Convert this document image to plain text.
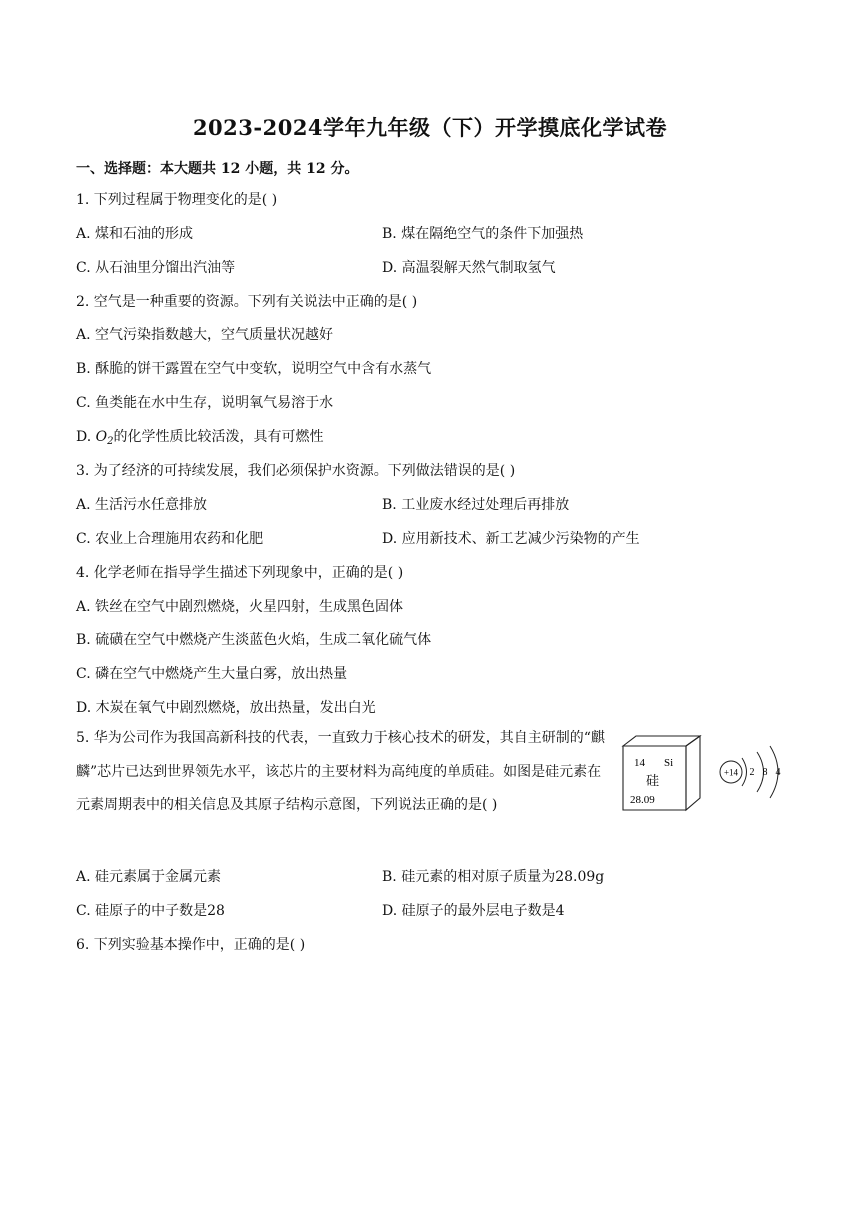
2023-2024学年九年级（下）开学摸底化学试卷
一、选择题：本大题共 12 小题，共 12 分。
1. 下列过程属于物理变化的是( )
A. 煤和石油的形成	B. 煤在隔绝空气的条件下加强热
C. 从石油里分馏出汽油等	D. 高温裂解天然气制取氢气
2. 空气是一种重要的资源。下列有关说法中正确的是( )
A. 空气污染指数越大，空气质量状况越好
B. 酥脆的饼干露置在空气中变软，说明空气中含有水蒸气
C. 鱼类能在水中生存，说明氧气易溶于水
D. $O_2$的化学性质比较活泼，具有可燃性
3. 为了经济的可持续发展，我们必须保护水资源。下列做法错误的是( )
A. 生活污水任意排放	B. 工业废水经过处理后再排放
C. 农业上合理施用农药和化肥	D. 应用新技术、新工艺减少污染物的产生
4. 化学老师在指导学生描述下列现象中，正确的是( )
A. 铁丝在空气中剧烈燃烧，火星四射，生成黑色固体
B. 硫磺在空气中燃烧产生淡蓝色火焰，生成二氧化硫气体
C. 磷在空气中燃烧产生大量白雾，放出热量
D. 木炭在氧气中剧烈燃烧，放出热量，发出白光
5. 华为公司作为我国高新科技的代表，一直致力于核心技术的研发，其自主研制的“麒麟”芯片已达到世界领先水平，该芯片的主要材料为高纯度的单质硅。如图是硅元素在元素周期表中的相关信息及其原子结构示意图，下列说法正确的是( )
14 Si
硅
28.09
+14 2 8 4
A. 硅元素属于金属元素	B. 硅元素的相对原子质量为28.09g
C. 硅原子的中子数是28	D. 硅原子的最外层电子数是4
6. 下列实验基本操作中，正确的是( )
